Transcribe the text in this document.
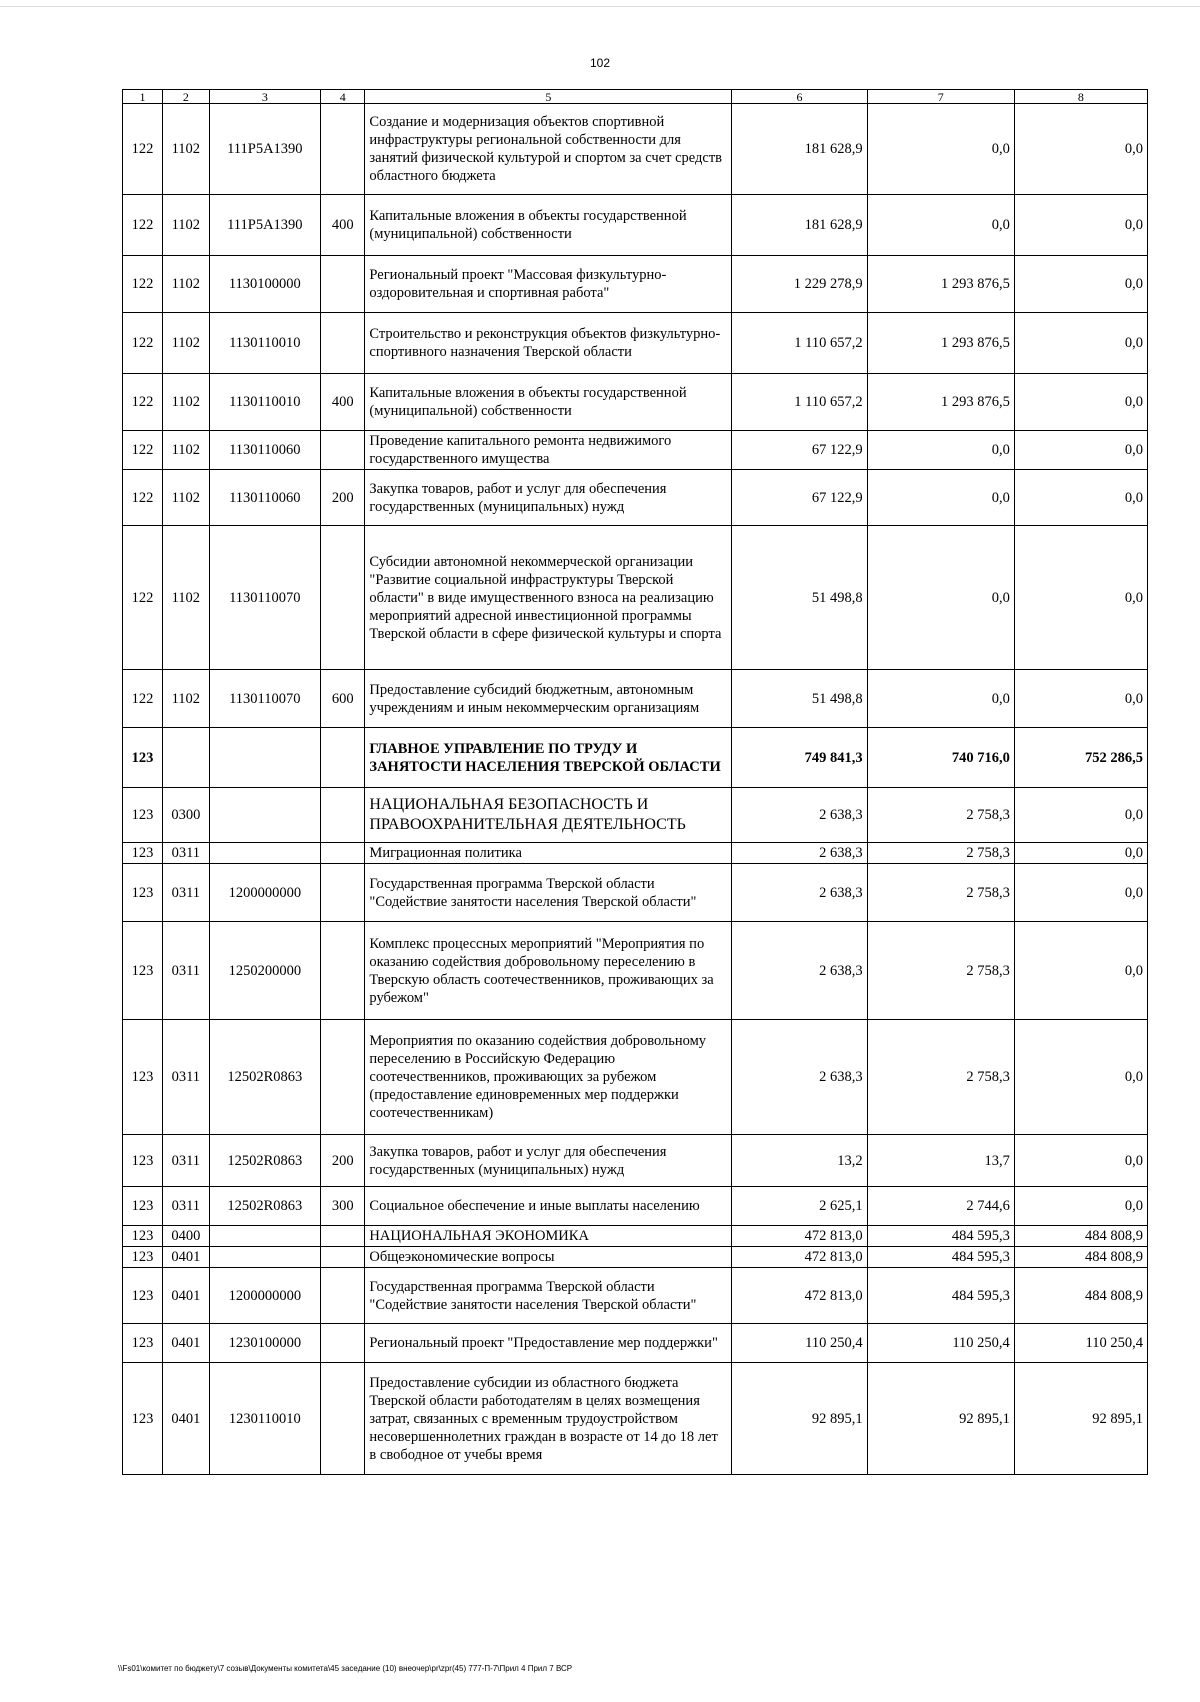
102
1	2	3	4	5	6	7	8
122	1102	111P5A1390		Создание и модернизация объектов спортивной инфраструктуры региональной собственности для занятий физической культурой и спортом за счет средств областного бюджета	181 628,9	0,0	0,0
122	1102	111P5A1390	400	Капитальные вложения в объекты государственной (муниципальной) собственности	181 628,9	0,0	0,0
122	1102	1130100000		Региональный проект "Массовая физкультурно-оздоровительная и спортивная работа"	1 229 278,9	1 293 876,5	0,0
122	1102	1130110010		Строительство и реконструкция объектов физкультурно-спортивного назначения Тверской области	1 110 657,2	1 293 876,5	0,0
122	1102	1130110010	400	Капитальные вложения в объекты государственной (муниципальной) собственности	1 110 657,2	1 293 876,5	0,0
122	1102	1130110060		Проведение капитального ремонта недвижимого государственного имущества	67 122,9	0,0	0,0
122	1102	1130110060	200	Закупка товаров, работ и услуг для обеспечения государственных (муниципальных) нужд	67 122,9	0,0	0,0
122	1102	1130110070		Субсидии автономной некоммерческой организации "Развитие социальной инфраструктуры Тверской области" в виде имущественного взноса на реализацию мероприятий адресной инвестиционной программы Тверской области в сфере физической культуры и спорта	51 498,8	0,0	0,0
122	1102	1130110070	600	Предоставление субсидий бюджетным, автономным учреждениям и иным некоммерческим организациям	51 498,8	0,0	0,0
123				ГЛАВНОЕ УПРАВЛЕНИЕ ПО ТРУДУ И ЗАНЯТОСТИ НАСЕЛЕНИЯ ТВЕРСКОЙ ОБЛАСТИ	749 841,3	740 716,0	752 286,5
123	0300			НАЦИОНАЛЬНАЯ БЕЗОПАСНОСТЬ И ПРАВООХРАНИТЕЛЬНАЯ ДЕЯТЕЛЬНОСТЬ	2 638,3	2 758,3	0,0
123	0311			Миграционная политика	2 638,3	2 758,3	0,0
123	0311	1200000000		Государственная программа Тверской области "Содействие занятости населения Тверской области"	2 638,3	2 758,3	0,0
123	0311	1250200000		Комплекс процессных мероприятий "Мероприятия по оказанию содействия добровольному переселению в Тверскую область соотечественников, проживающих за рубежом"	2 638,3	2 758,3	0,0
123	0311	12502R0863		Мероприятия по оказанию содействия добровольному переселению в Российскую Федерацию соотечественников, проживающих за рубежом (предоставление единовременных мер поддержки соотечественникам)	2 638,3	2 758,3	0,0
123	0311	12502R0863	200	Закупка товаров, работ и услуг для обеспечения государственных (муниципальных) нужд	13,2	13,7	0,0
123	0311	12502R0863	300	Социальное обеспечение и иные выплаты населению	2 625,1	2 744,6	0,0
123	0400			НАЦИОНАЛЬНАЯ ЭКОНОМИКА	472 813,0	484 595,3	484 808,9
123	0401			Общеэкономические вопросы	472 813,0	484 595,3	484 808,9
123	0401	1200000000		Государственная программа Тверской области "Содействие занятости населения Тверской области"	472 813,0	484 595,3	484 808,9
123	0401	1230100000		Региональный проект "Предоставление мер поддержки"	110 250,4	110 250,4	110 250,4
123	0401	1230110010		Предоставление субсидии из областного бюджета Тверской области работодателям в целях возмещения затрат, связанных с временным трудоустройством несовершеннолетних граждан в возрасте от 14 до 18 лет в свободное от учебы время	92 895,1	92 895,1	92 895,1
\\Fs01\комитет по бюджету\7 созыв\Документы комитета\45 заседание (10) внеочер\pr\zpr(45) 777-П-7\Прил 4 Прил 7 ВСР
